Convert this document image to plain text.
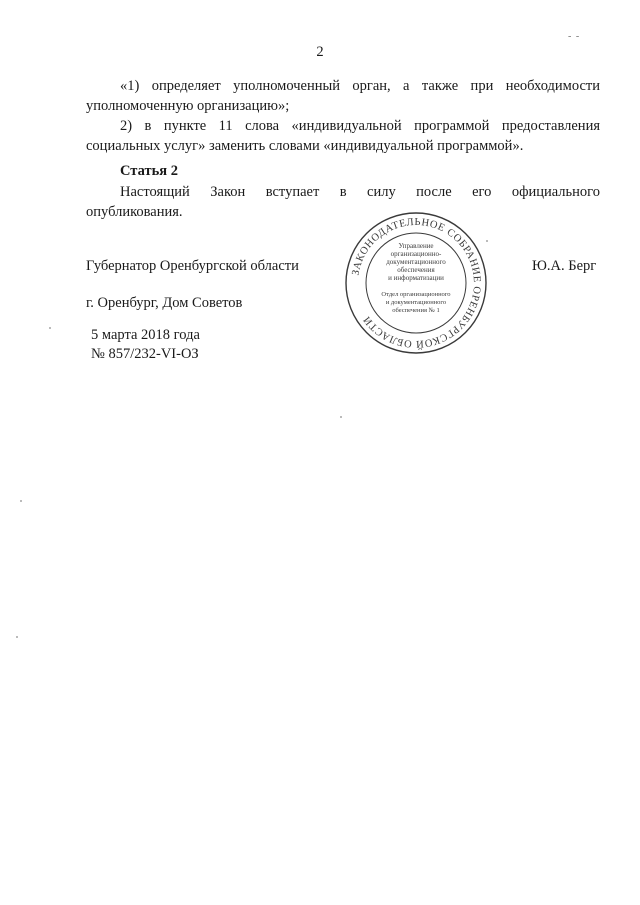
2
- -
«1) определяет уполномоченный орган, а также при необходимости
уполномоченную организацию»;
2) в пункте 11 слова «индивидуальной программой предоставления
социальных услуг» заменить словами «индивидуальной программой».
Статья 2
Настоящий Закон вступает в силу после его официального
опубликования.
Губернатор Оренбургской области	Ю.А. Берг
г. Оренбург, Дом Советов
5 марта 2018 года
№ 857/232-VI-ОЗ
ЗАКОНОДАТЕЛЬНОЕ СОБРАНИЕ ОРЕНБУРГСКОЙ ОБЛАСТИ
Управление
организационно-
документационного
обеспечения
и информатизации
Отдел организационного
и документационного
обеспечения № 1
